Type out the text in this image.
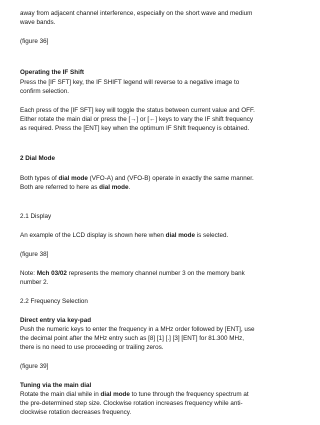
away from adjacent channel interference, especially on the short wave and medium

wave bands.

(figure 36]

Operating the IF Shift

Press the [IF SFT] key, the IF SHIFT legend will reverse to a negative image to

confirm selection.

Each press of the [IF SFT] key will toggle the status between current value and OFF.

Either rotate the main dial or press the [→] or [←] keys to vary the IF shift frequency

as required. Press the [ENT] key when the optimum IF Shift frequency is obtained.

2 Dial Mode

Both types of dial mode (VFO-A) and (VFO-B) operate in exactly the same manner.

Both are referred to here as dial mode.

2.1 Display

An example of the LCD display is shown here when dial mode is selected.

(figure 38]

Note: Mch 03/02 represents the memory channel number 3 on the memory bank

number 2.

2.2 Frequency Selection

Direct entry via key-pad

Push the numeric keys to enter the frequency in a MHz order followed by [ENT], use

the decimal point after the MHz entry such as [8] [1] [.] [3] [ENT] for 81.300 MHz,

there is no need to use proceeding or trailing zeros.

(figure 39]

Tuning via the main dial

Rotate the main dial while in dial mode to tune through the frequency spectrum at

the pre-determined step size. Clockwise rotation increases frequency while anti-

clockwise rotation decreases frequency.
